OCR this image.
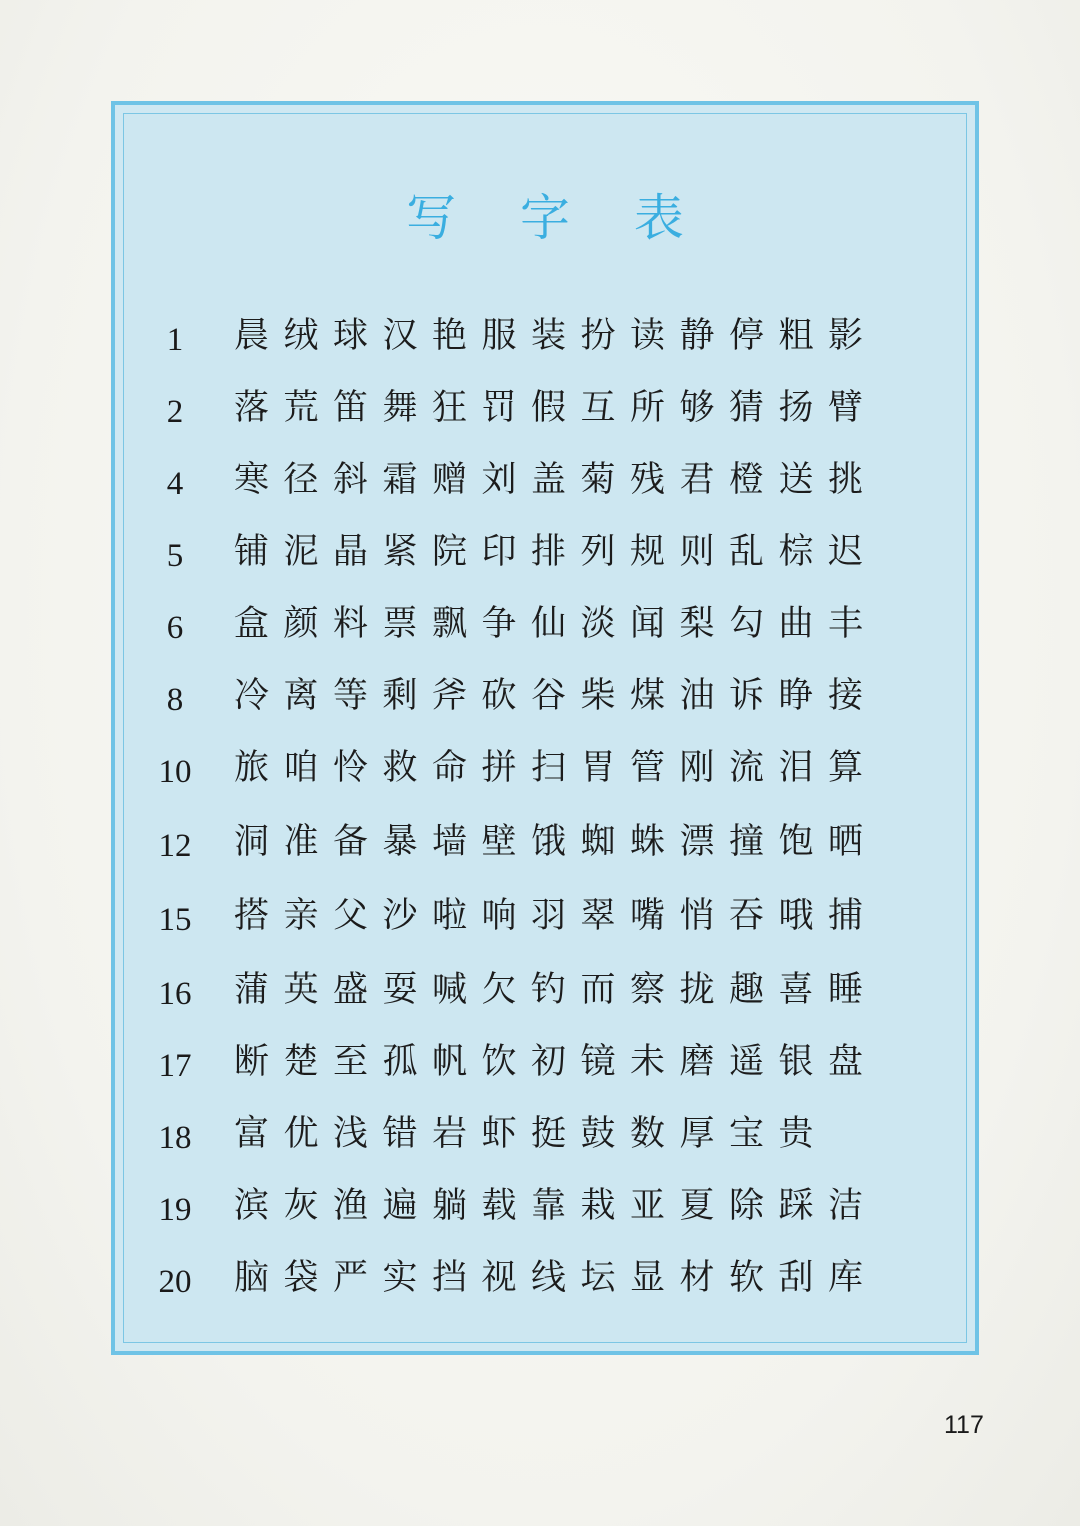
写 字 表
1	晨绒球汉艳服装扮读静停粗影
2	落荒笛舞狂罚假互所够猜扬臂
4	寒径斜霜赠刘盖菊残君橙送挑
5	铺泥晶紧院印排列规则乱棕迟
6	盒颜料票飘争仙淡闻梨勾曲丰
8	冷离等剩斧砍谷柴煤油诉睁接
10	旅咱怜救命拼扫胃管刚流泪算
12	洞准备暴墙壁饿蜘蛛漂撞饱晒
15	搭亲父沙啦响羽翠嘴悄吞哦捕
16	蒲英盛耍喊欠钓而察拢趣喜睡
17	断楚至孤帆饮初镜未磨遥银盘
18	富优浅错岩虾挺鼓数厚宝贵
19	滨灰渔遍躺载靠栽亚夏除踩洁
20	脑袋严实挡视线坛显材软刮库
117
